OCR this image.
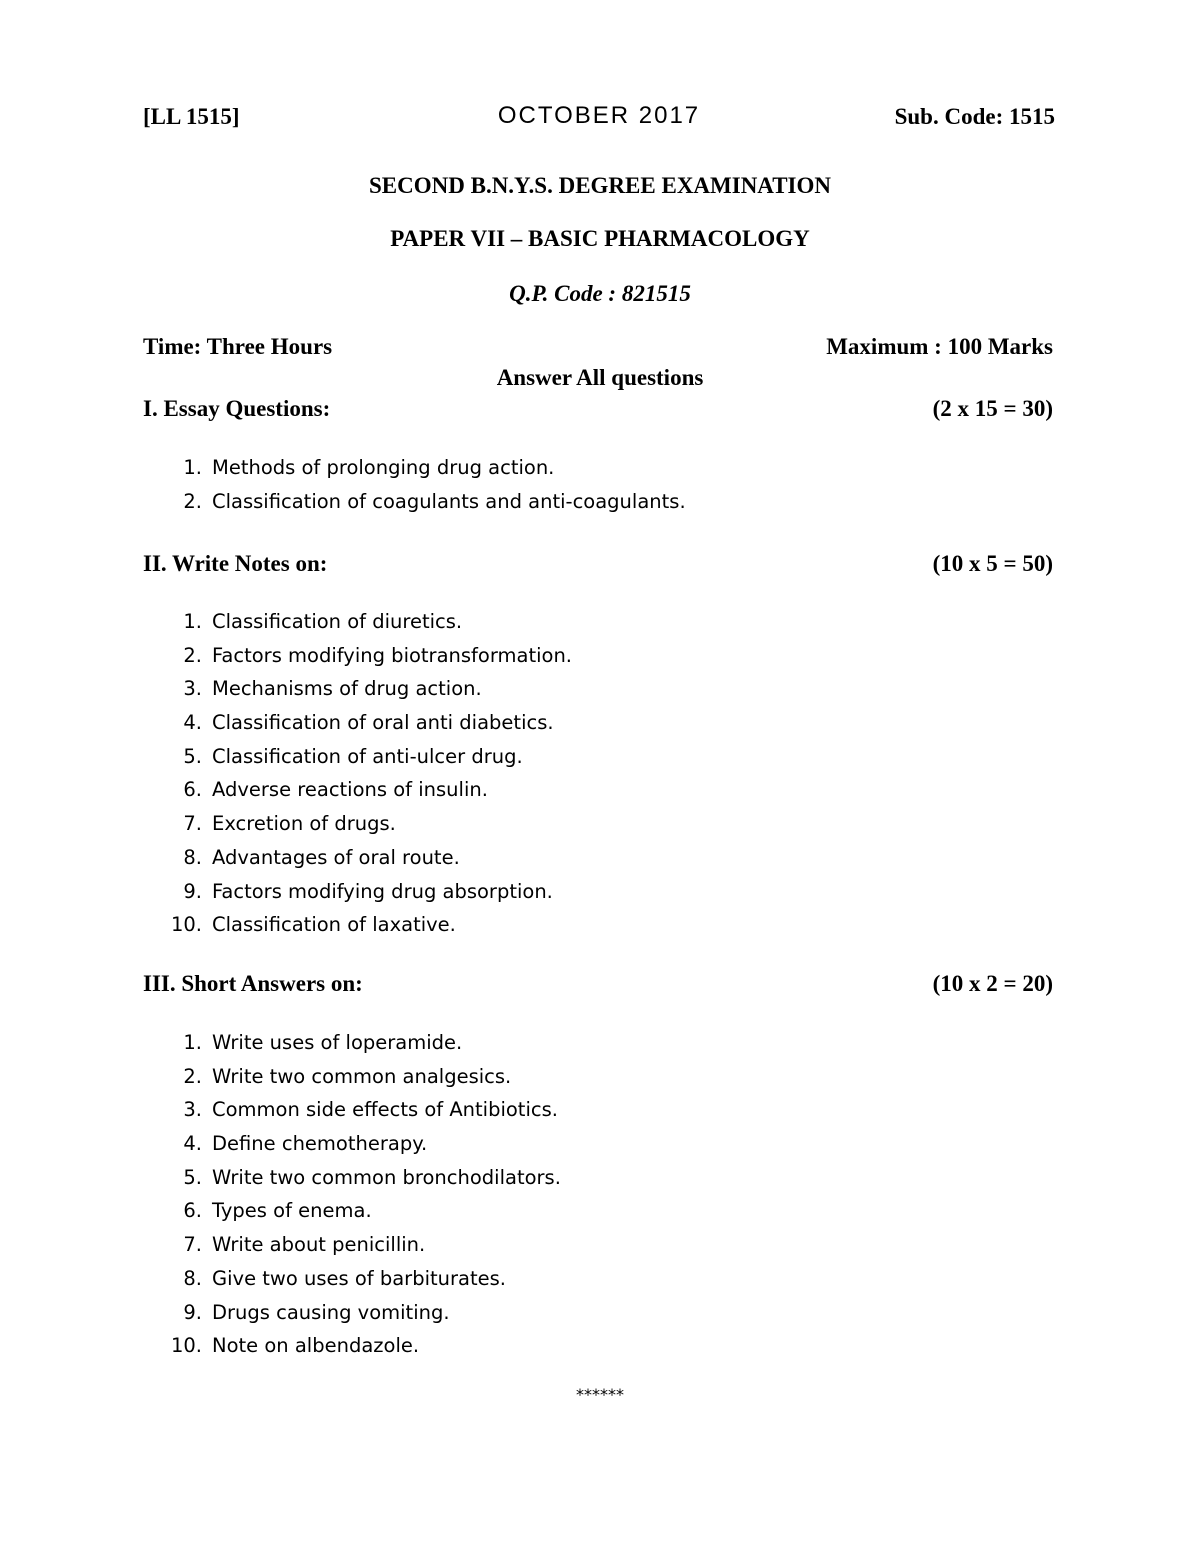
[LL 1515]	OCTOBER 2017	Sub. Code: 1515
SECOND B.N.Y.S. DEGREE EXAMINATION
PAPER VII – BASIC PHARMACOLOGY
Q.P. Code : 821515
Time: Three Hours	Maximum : 100 Marks
Answer All questions
I. Essay Questions:	(2 x 15 = 30)
1. Methods of prolonging drug action.
2. Classification of coagulants and anti-coagulants.
II. Write Notes on:	(10 x 5 = 50)
1. Classification of diuretics.
2. Factors modifying biotransformation.
3. Mechanisms of drug action.
4. Classification of oral anti diabetics.
5. Classification of anti-ulcer drug.
6. Adverse reactions of insulin.
7. Excretion of drugs.
8. Advantages of oral route.
9. Factors modifying drug absorption.
10. Classification of laxative.
III. Short Answers on:	(10 x 2 = 20)
1. Write uses of loperamide.
2. Write two common analgesics.
3. Common side effects of Antibiotics.
4. Define chemotherapy.
5. Write two common bronchodilators.
6. Types of enema.
7. Write about penicillin.
8. Give two uses of barbiturates.
9. Drugs causing vomiting.
10. Note on albendazole.
******
